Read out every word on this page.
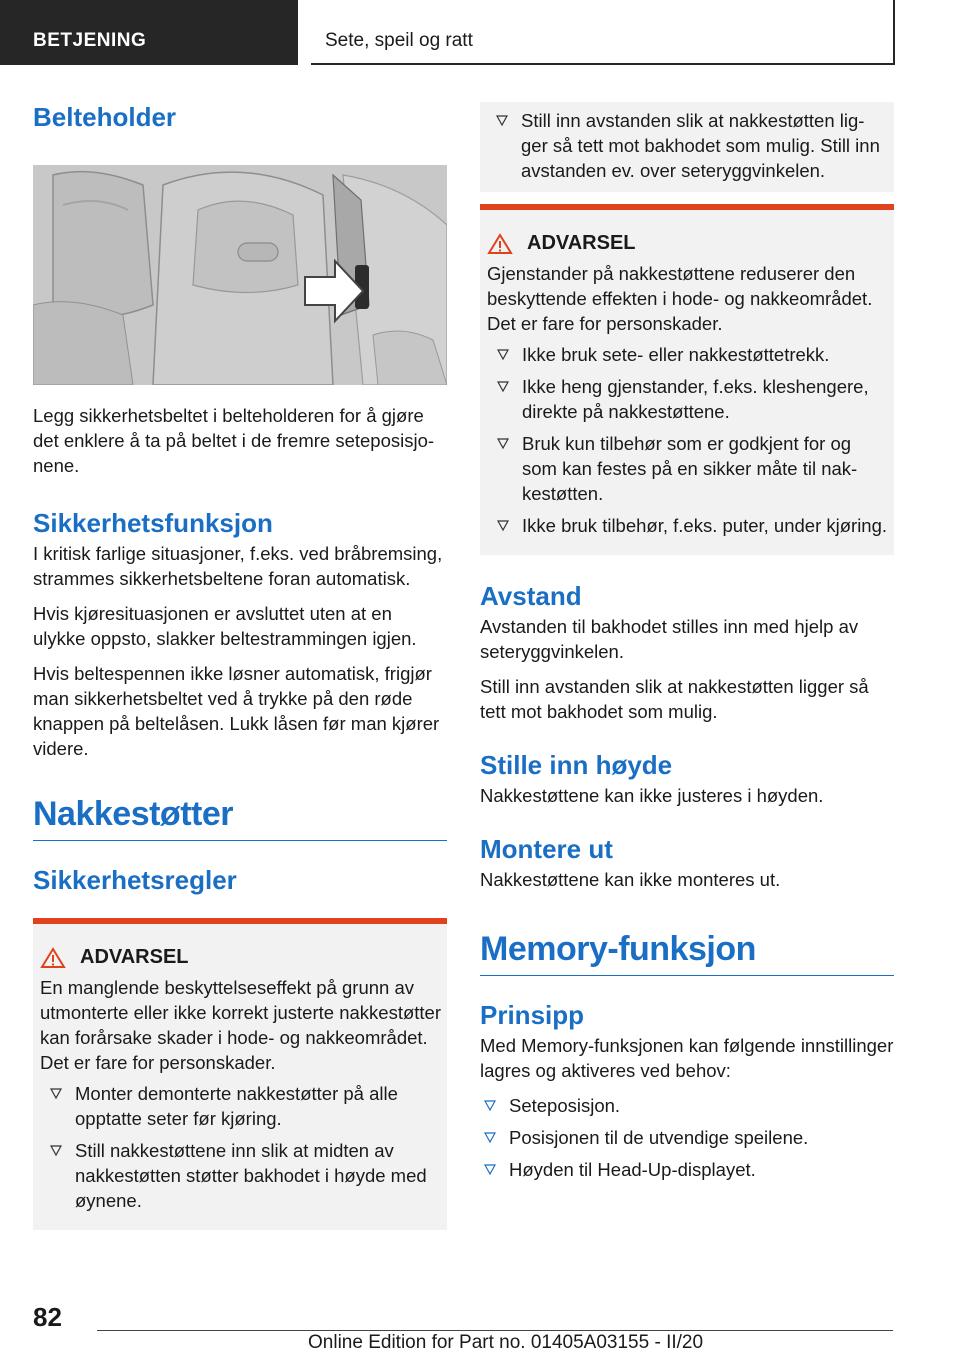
BETJENING	Sete, speil og ratt
Belteholder

Legg sikkerhetsbeltet i belteholderen for å gjøre det enklere å ta på beltet i de fremre seteposisjonene.

Sikkerhetsfunksjon

I kritisk farlige situasjoner, f.eks. ved bråbremsing, strammes sikkerhetsbeltene foran automatisk.

Hvis kjøresituasjonen er avsluttet uten at en ulykke oppsto, slakker beltestrammingen igjen.

Hvis beltespennen ikke løsner automatisk, frigjør man sikkerhetsbeltet ved å trykke på den røde knappen på beltelåsen. Lukk låsen før man kjører videre.

Nakkestøtter
Sikkerhetsregler
ADVARSEL

En manglende beskyttelseseffekt på grunn av utmonterte eller ikke korrekt justerte nakkestøtter kan forårsake skader i hode- og nakkeområdet. Det er fare for personskader.

Monter demonterte nakkestøtter på alle opptatte seter før kjøring.
Still nakkestøttene inn slik at midten av nakkestøtten støtter bakhodet i høyde med øynene.
Still inn avstanden slik at nakkestøtten ligger så tett mot bakhodet som mulig. Still inn avstanden ev. over seteryggvinkelen.
ADVARSEL

Gjenstander på nakkestøttene reduserer den beskyttende effekten i hode- og nakkeområdet. Det er fare for personskader.

Ikke bruk sete- eller nakkestøttetrekk.
Ikke heng gjenstander, f.eks. kleshengere, direkte på nakkestøttene.
Bruk kun tilbehør som er godkjent for og som kan festes på en sikker måte til nakkestøtten.
Ikke bruk tilbehør, f.eks. puter, under kjøring.
Avstand

Avstanden til bakhodet stilles inn med hjelp av seteryggvinkelen.

Still inn avstanden slik at nakkestøtten ligger så tett mot bakhodet som mulig.

Stille inn høyde

Nakkestøttene kan ikke justeres i høyden.

Montere ut

Nakkestøttene kan ikke monteres ut.

Memory-funksjon
Prinsipp

Med Memory-funksjonen kan følgende innstillinger lagres og aktiveres ved behov:

Seteposisjon.
Posisjonen til de utvendige speilene.
Høyden til Head-Up-displayet.
82
Online Edition for Part no. 01405A03155 - II/20
